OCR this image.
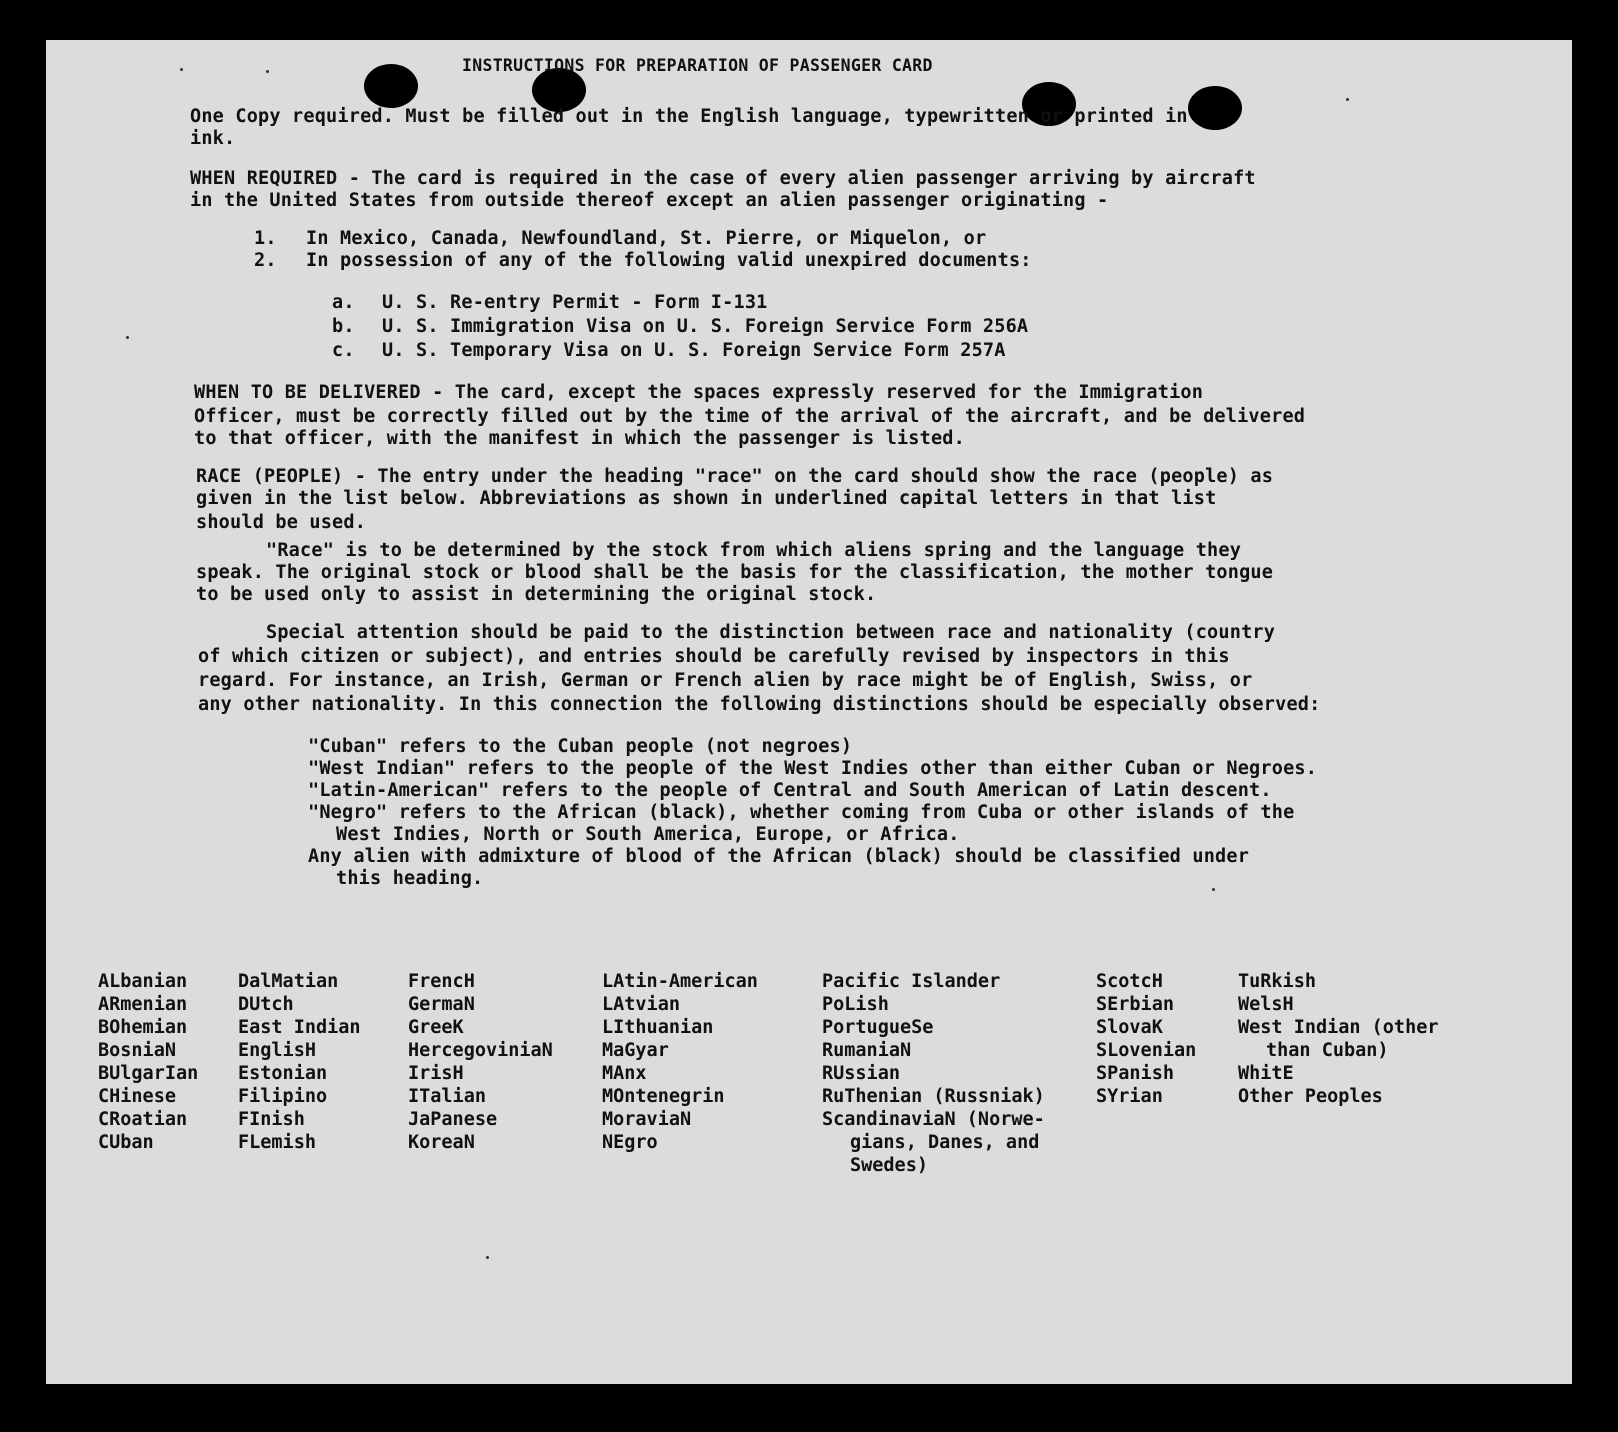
INSTRUCTIONS FOR PREPARATION OF PASSENGER CARD
One Copy required. Must be filled out in the English language, typewritten or printed in
ink.
WHEN REQUIRED - The card is required in the case of every alien passenger arriving by aircraft
in the United States from outside thereof except an alien passenger originating -
1. In Mexico, Canada, Newfoundland, St. Pierre, or Miquelon, or
2. In possession of any of the following valid unexpired documents:
a. U. S. Re-entry Permit - Form I-131
b. U. S. Immigration Visa on U. S. Foreign Service Form 256A
c. U. S. Temporary Visa on U. S. Foreign Service Form 257A
WHEN TO BE DELIVERED - The card, except the spaces expressly reserved for the Immigration
Officer, must be correctly filled out by the time of the arrival of the aircraft, and be delivered
to that officer, with the manifest in which the passenger is listed.
RACE (PEOPLE) - The entry under the heading "race" on the card should show the race (people) as
given in the list below. Abbreviations as shown in underlined capital letters in that list
should be used.
"Race" is to be determined by the stock from which aliens spring and the language they
speak. The original stock or blood shall be the basis for the classification, the mother tongue
to be used only to assist in determining the original stock.
Special attention should be paid to the distinction between race and nationality (country
of which citizen or subject), and entries should be carefully revised by inspectors in this
regard. For instance, an Irish, German or French alien by race might be of English, Swiss, or
any other nationality. In this connection the following distinctions should be especially observed:
"Cuban" refers to the Cuban people (not negroes)
"West Indian" refers to the people of the West Indies other than either Cuban or Negroes.
"Latin-American" refers to the people of Central and South American of Latin descent.
"Negro" refers to the African (black), whether coming from Cuba or other islands of the
West Indies, North or South America, Europe, or Africa.
Any alien with admixture of blood of the African (black) should be classified under
this heading.
ALbanian
ARmenian
BOhemian
BosniaN
BUlgarIan
CHinese
CRoatian
CUban
DalMatian
DUtch
East Indian
EnglisH
Estonian
Filipino
FInish
FLemish
FrencH
GermaN
GreeK
HercegoviniaN
IrisH
ITalian
JaPanese
KoreaN
LAtin-American
LAtvian
LIthuanian
MaGyar
MAnx
MOntenegrin
MoraviaN
NEgro
Pacific Islander
PoLish
PortugueSe
RumaniaN
RUssian
RuThenian (Russniak)
ScandinaviaN (Norwe-
gians, Danes, and
Swedes)
ScotcH
SErbian
SlovaK
SLovenian
SPanish
SYrian
TuRkish
WelsH
West Indian (other
than Cuban)
WhitE
Other Peoples
